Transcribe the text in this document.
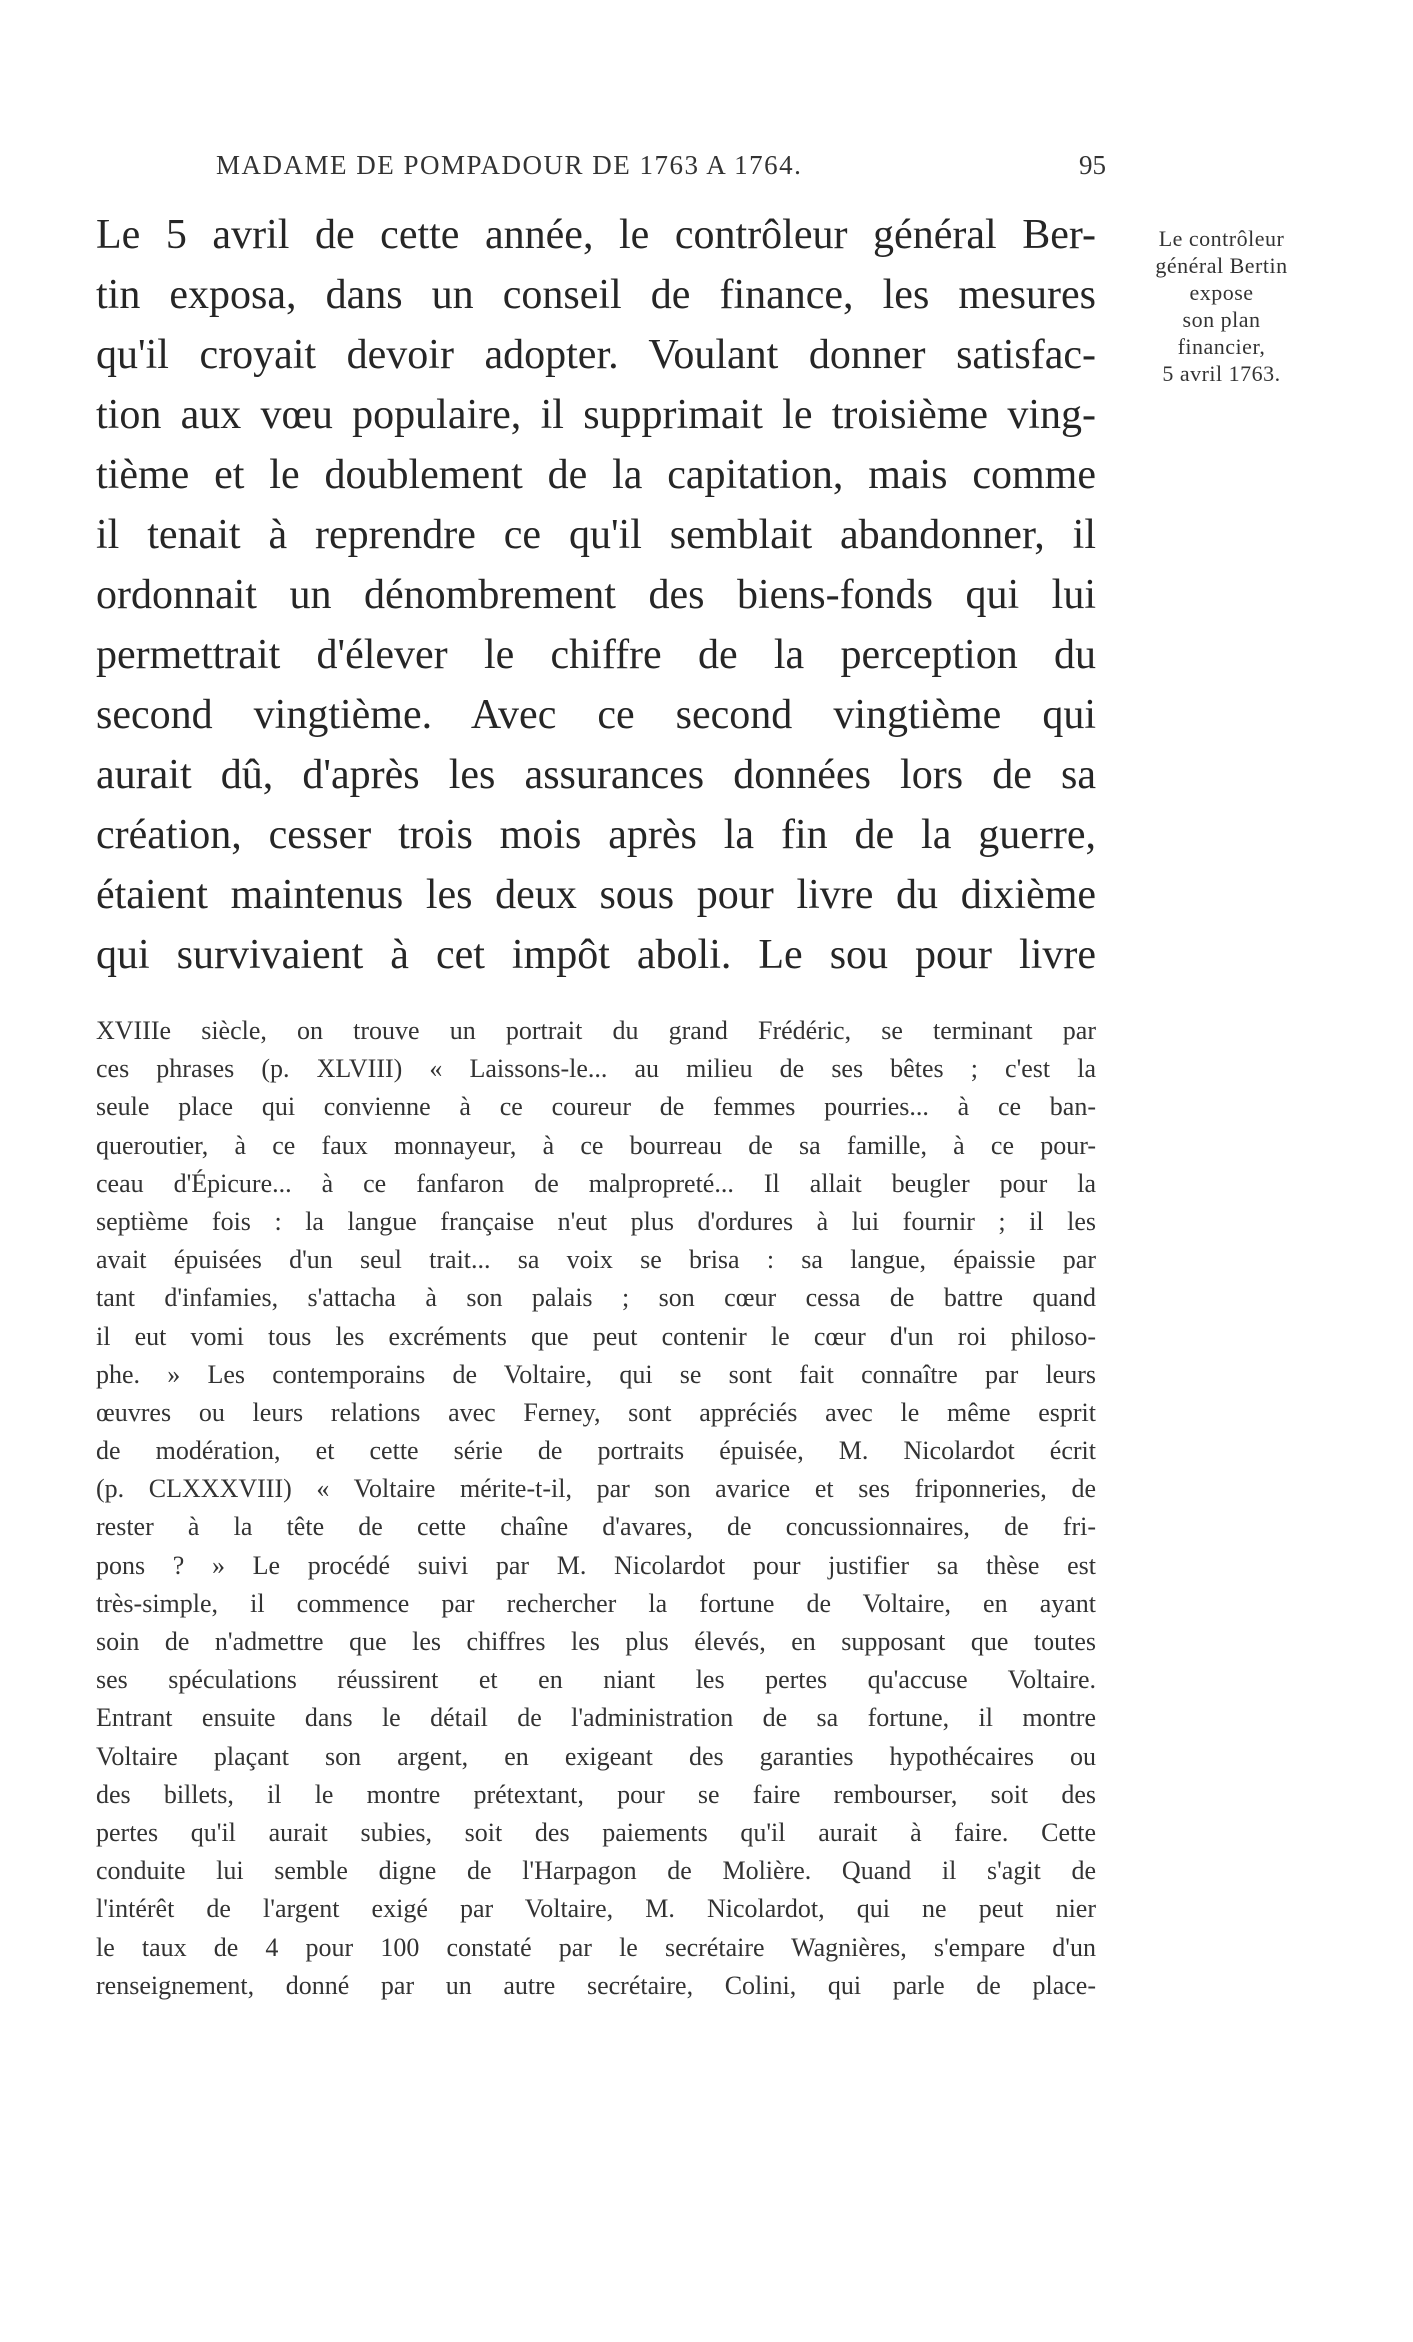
MADAME DE POMPADOUR DE 1763 A 1764.	95
Le 5 avril de cette année, le contrôleur général Ber-
tin exposa, dans un conseil de finance, les mesures
qu'il croyait devoir adopter. Voulant donner satisfac-
tion aux vœu populaire, il supprimait le troisième ving-
tième et le doublement de la capitation, mais comme
il tenait à reprendre ce qu'il semblait abandonner, il
ordonnait un dénombrement des biens-fonds qui lui
permettrait d'élever le chiffre de la perception du
second vingtième. Avec ce second vingtième qui
aurait dû, d'après les assurances données lors de sa
création, cesser trois mois après la fin de la guerre,
étaient maintenus les deux sous pour livre du dixième
qui survivaient à cet impôt aboli. Le sou pour livre
Le contrôleur
général Bertin
expose
son plan
financier,
5 avril 1763.
XVIIIe siècle, on trouve un portrait du grand Frédéric, se terminant par
ces phrases (p. XLVIII) « Laissons-le... au milieu de ses bêtes ; c'est la
seule place qui convienne à ce coureur de femmes pourries... à ce ban-
queroutier, à ce faux monnayeur, à ce bourreau de sa famille, à ce pour-
ceau d'Épicure... à ce fanfaron de malpropreté... Il allait beugler pour la
septième fois : la langue française n'eut plus d'ordures à lui fournir ; il les
avait épuisées d'un seul trait... sa voix se brisa : sa langue, épaissie par
tant d'infamies, s'attacha à son palais ; son cœur cessa de battre quand
il eut vomi tous les excréments que peut contenir le cœur d'un roi philoso-
phe. » Les contemporains de Voltaire, qui se sont fait connaître par leurs
œuvres ou leurs relations avec Ferney, sont appréciés avec le même esprit
de modération, et cette série de portraits épuisée, M. Nicolardot écrit
(p. CLXXXVIII) « Voltaire mérite-t-il, par son avarice et ses friponneries, de
rester à la tête de cette chaîne d'avares, de concussionnaires, de fri-
pons ? » Le procédé suivi par M. Nicolardot pour justifier sa thèse est
très-simple, il commence par rechercher la fortune de Voltaire, en ayant
soin de n'admettre que les chiffres les plus élevés, en supposant que toutes
ses spéculations réussirent et en niant les pertes qu'accuse Voltaire.
Entrant ensuite dans le détail de l'administration de sa fortune, il montre
Voltaire plaçant son argent, en exigeant des garanties hypothécaires ou
des billets, il le montre prétextant, pour se faire rembourser, soit des
pertes qu'il aurait subies, soit des paiements qu'il aurait à faire. Cette
conduite lui semble digne de l'Harpagon de Molière. Quand il s'agit de
l'intérêt de l'argent exigé par Voltaire, M. Nicolardot, qui ne peut nier
le taux de 4 pour 100 constaté par le secrétaire Wagnières, s'empare d'un
renseignement, donné par un autre secrétaire, Colini, qui parle de place-
